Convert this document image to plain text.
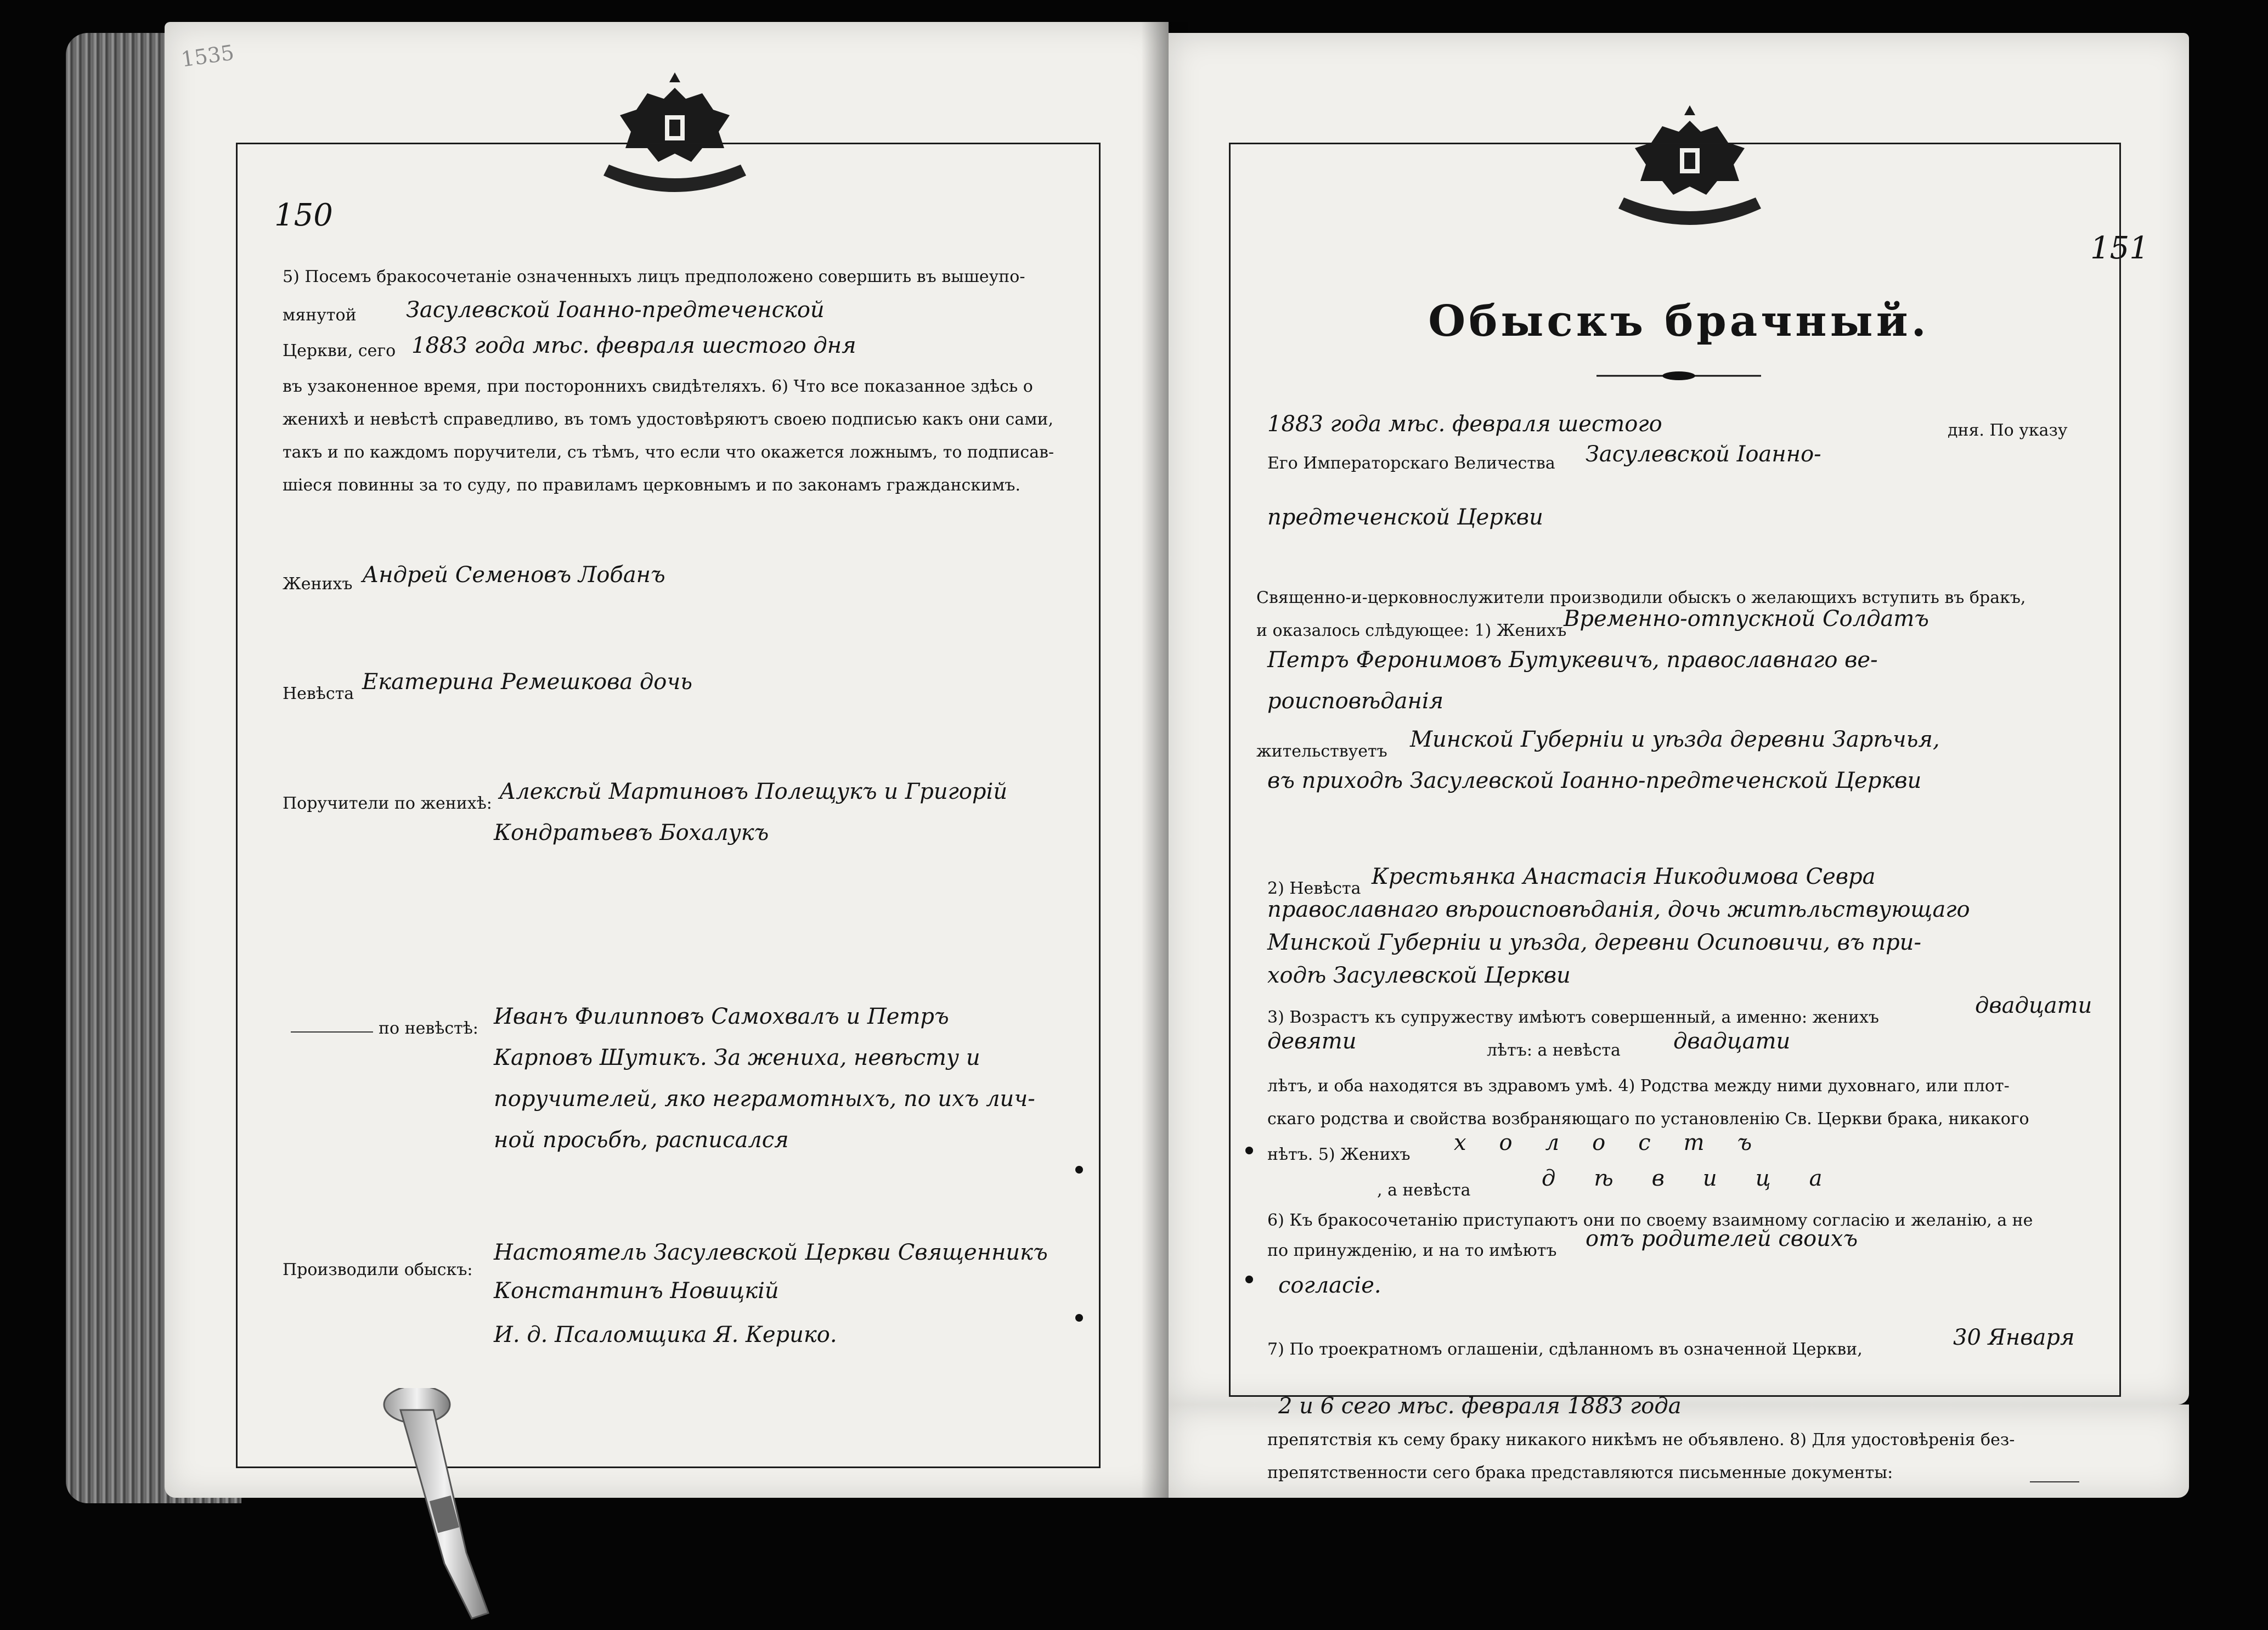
1535
150
5) Посемъ бракосочетаніе означенныхъ лицъ предположено совершить въ вышеупо-
мянутой Засулевской Іоанно-предтеченской
Церкви, сего 1883 года мѣс. февраля шестого дня
въ узаконенное время, при постороннихъ свидѣтеляхъ. 6) Что все показанное здѣсь о
женихѣ и невѣстѣ справедливо, въ томъ удостовѣряютъ своею подписью какъ они сами,
такъ и по каждомъ поручители, съ тѣмъ, что если что окажется ложнымъ, то подписав-
шіеся повинны за то суду, по правиламъ церковнымъ и по законамъ гражданскимъ.
Женихъ Андрей Семеновъ Лобанъ
Невѣста Екатерина Ремешкова дочь
Поручители по женихѣ: Алексѣй Мартиновъ Полещукъ и Григорій
Кондратьевъ Бохалукъ
по невѣстѣ: Иванъ Филипповъ Самохвалъ и Петръ
Карповъ Шутикъ. За жениха, невѣсту и
поручителей, яко неграмотныхъ, по ихъ лич-
ной просьбѣ, расписался
Производили обыскъ:
Настоятель Засулевской Церкви Священникъ
Константинъ Новицкій
И. д. Псаломщика Я. Керико.
151
Обыскъ брачный.
1883 года мѣс. февраля шестого	дня. По указу
Его Императорскаго Величества Засулевской Іоанно-
предтеченской Церкви
Священно-и-церковнослужители производили обыскъ о желающихъ вступить въ бракъ,
и оказалось слѣдующее: 1) Женихъ
Временно-отпускной Солдатъ
Петръ Феронимовъ Бутукевичъ, православнаго ве-
роисповѣданія
жительствуетъ Минской Губерніи и уѣзда деревни Зарѣчья,
въ приходѣ Засулевской Іоанно-предтеченской Церкви
2) Невѣста Крестьянка Анастасія Никодимова Севра
православнаго вѣроисповѣданія, дочь житѣльствующаго
Минской Губерніи и уѣзда, деревни Осиповичи, въ при-
ходѣ Засулевской Церкви
3) Возрастъ къ супружеству имѣютъ совершенный, а именно: женихъ	двадцати
девяти	лѣтъ: а невѣста двадцати
лѣтъ, и оба находятся въ здравомъ умѣ. 4) Родства между ними духовнаго, или плот-
скаго родства и свойства возбраняющаго по установленію Св. Церкви брака, никакого
нѣтъ. 5) Женихъ холостъ
, а невѣста	дѣвица
6) Къ бракосочетанію приступаютъ они по своему взаимному согласію и желанію, а не
по принужденію, и на то имѣютъ отъ родителей своихъ
согласіе.
7) По троекратномъ оглашеніи, сдѣланномъ въ означенной Церкви,	30 Января
2 и 6 сего мѣс. февраля 1883 года
препятствія къ сему браку никакого никѣмъ не объявлено. 8) Для удостовѣренія без-
препятственности сего брака представляются письменные документы:
